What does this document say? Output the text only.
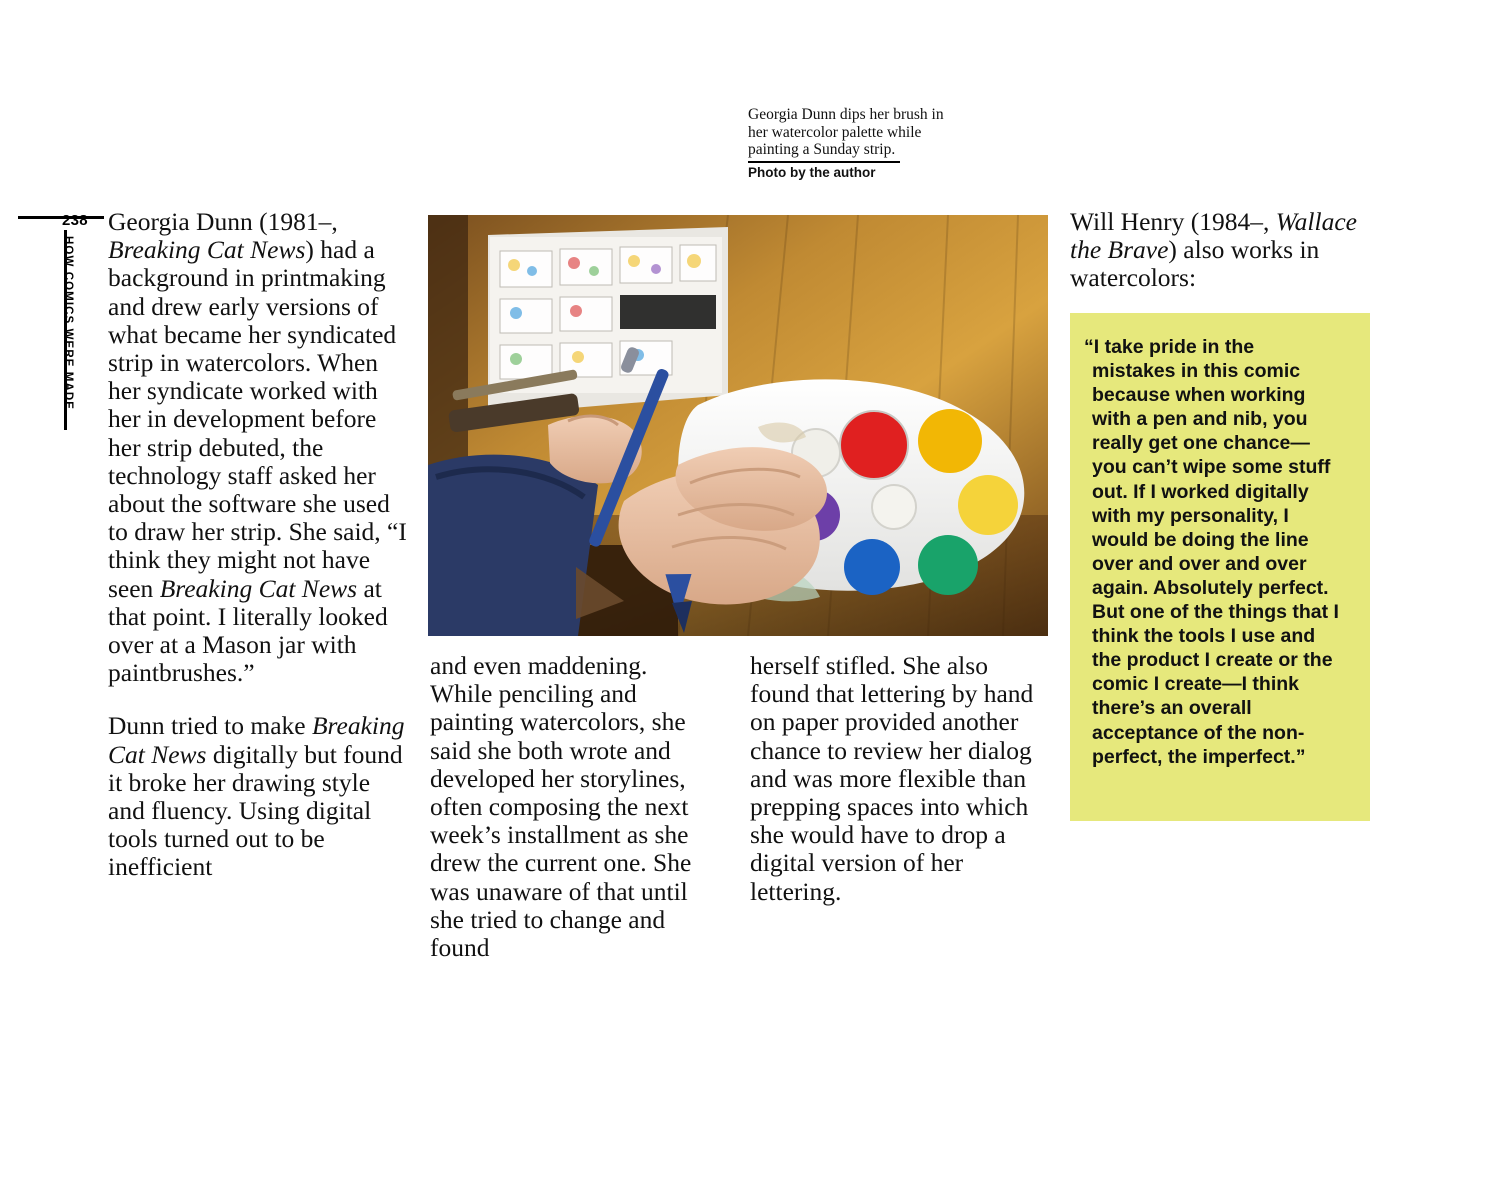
238
HOW COMICS WERE MADE
Georgia Dunn dips her brush in her watercolor palette while painting a Sunday strip.
Photo by the author

Georgia Dunn (1981–, Breaking Cat News) had a background in printmaking and drew early versions of what became her syndicated strip in watercolors. When her syndicate worked with her in development before her strip debuted, the technology staff asked her about the software she used to draw her strip. She said, “I think they might not have seen Breaking Cat News at that point. I literally looked over at a Mason jar with paintbrushes.”

Dunn tried to make Breaking Cat News digitally but found it broke her drawing style and fluency. Using digital tools turned out to be inefficient

and even maddening. While penciling and painting watercolors, she said she both wrote and developed her storylines, often composing the next week’s installment as she drew the current one. She was unaware of that until she tried to change and found

herself stifled. She also found that lettering by hand on paper provided another chance to review her dialog and was more flexible than prepping spaces into which she would have to drop a digital version of her lettering.

Will Henry (1984–, Wallace the Brave) also works in watercolors:
“I take pride in the mistakes in this comic because when working with a pen and nib, you really get one chance—you can’t wipe some stuff out. If I worked digitally with my personality, I would be doing the line over and over and over again. Absolutely perfect. But one of the things that I think the tools I use and the product I create or the comic I create—I think there’s an overall acceptance of the non-perfect, the imperfect.”
